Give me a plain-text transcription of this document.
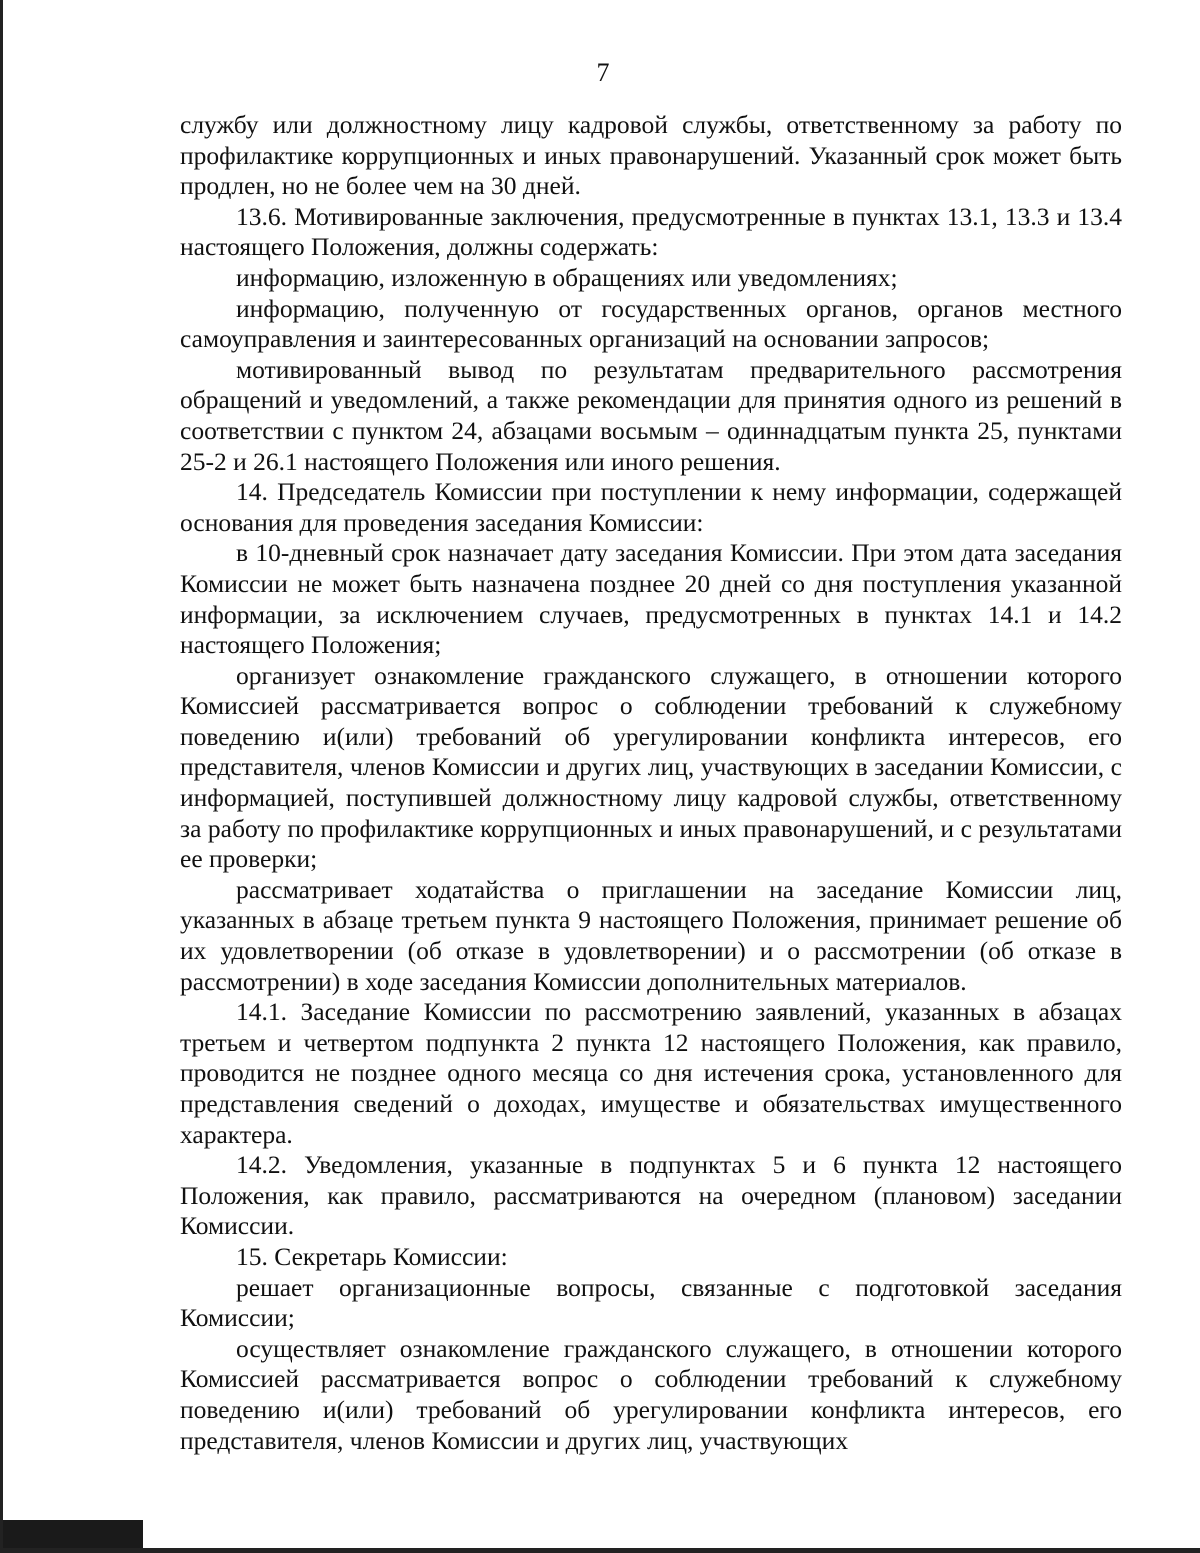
7

службу или должностному лицу кадровой службы, ответственному за работу по профилактике коррупционных и иных правонарушений. Указанный срок может быть продлен, но не более чем на 30 дней.

13.6. Мотивированные заключения, предусмотренные в пунктах 13.1, 13.3 и 13.4 настоящего Положения, должны содержать:

информацию, изложенную в обращениях или уведомлениях;

информацию, полученную от государственных органов, органов местного самоуправления и заинтересованных организаций на основании запросов;

мотивированный вывод по результатам предварительного рассмотрения обращений и уведомлений, а также рекомендации для принятия одного из решений в соответствии с пунктом 24, абзацами восьмым – одиннадцатым пункта 25, пунктами 25-2 и 26.1 настоящего Положения или иного решения.

14. Председатель Комиссии при поступлении к нему информации, содержащей основания для проведения заседания Комиссии:

в 10-дневный срок назначает дату заседания Комиссии. При этом дата заседания Комиссии не может быть назначена позднее 20 дней со дня поступления указанной информации, за исключением случаев, предусмотренных в пунктах 14.1 и 14.2 настоящего Положения;

организует ознакомление гражданского служащего, в отношении которого Комиссией рассматривается вопрос о соблюдении требований к служебному поведению и(или) требований об урегулировании конфликта интересов, его представителя, членов Комиссии и других лиц, участвующих в заседании Комиссии, с информацией, поступившей должностному лицу кадровой службы, ответственному за работу по профилактике коррупционных и иных правонарушений, и с результатами ее проверки;

рассматривает ходатайства о приглашении на заседание Комиссии лиц, указанных в абзаце третьем пункта 9 настоящего Положения, принимает решение об их удовлетворении (об отказе в удовлетворении) и о рассмотрении (об отказе в рассмотрении) в ходе заседания Комиссии дополнительных материалов.

14.1. Заседание Комиссии по рассмотрению заявлений, указанных в абзацах третьем и четвертом подпункта 2 пункта 12 настоящего Положения, как правило, проводится не позднее одного месяца со дня истечения срока, установленного для представления сведений о доходах, имуществе и обязательствах имущественного характера.

14.2. Уведомления, указанные в подпунктах 5 и 6 пункта 12 настоящего Положения, как правило, рассматриваются на очередном (плановом) заседании Комиссии.

15. Секретарь Комиссии:

решает организационные вопросы, связанные с подготовкой заседания Комиссии;

осуществляет ознакомление гражданского служащего, в отношении которого Комиссией рассматривается вопрос о соблюдении требований к служебному поведению и(или) требований об урегулировании конфликта интересов, его представителя, членов Комиссии и других лиц, участвующих
